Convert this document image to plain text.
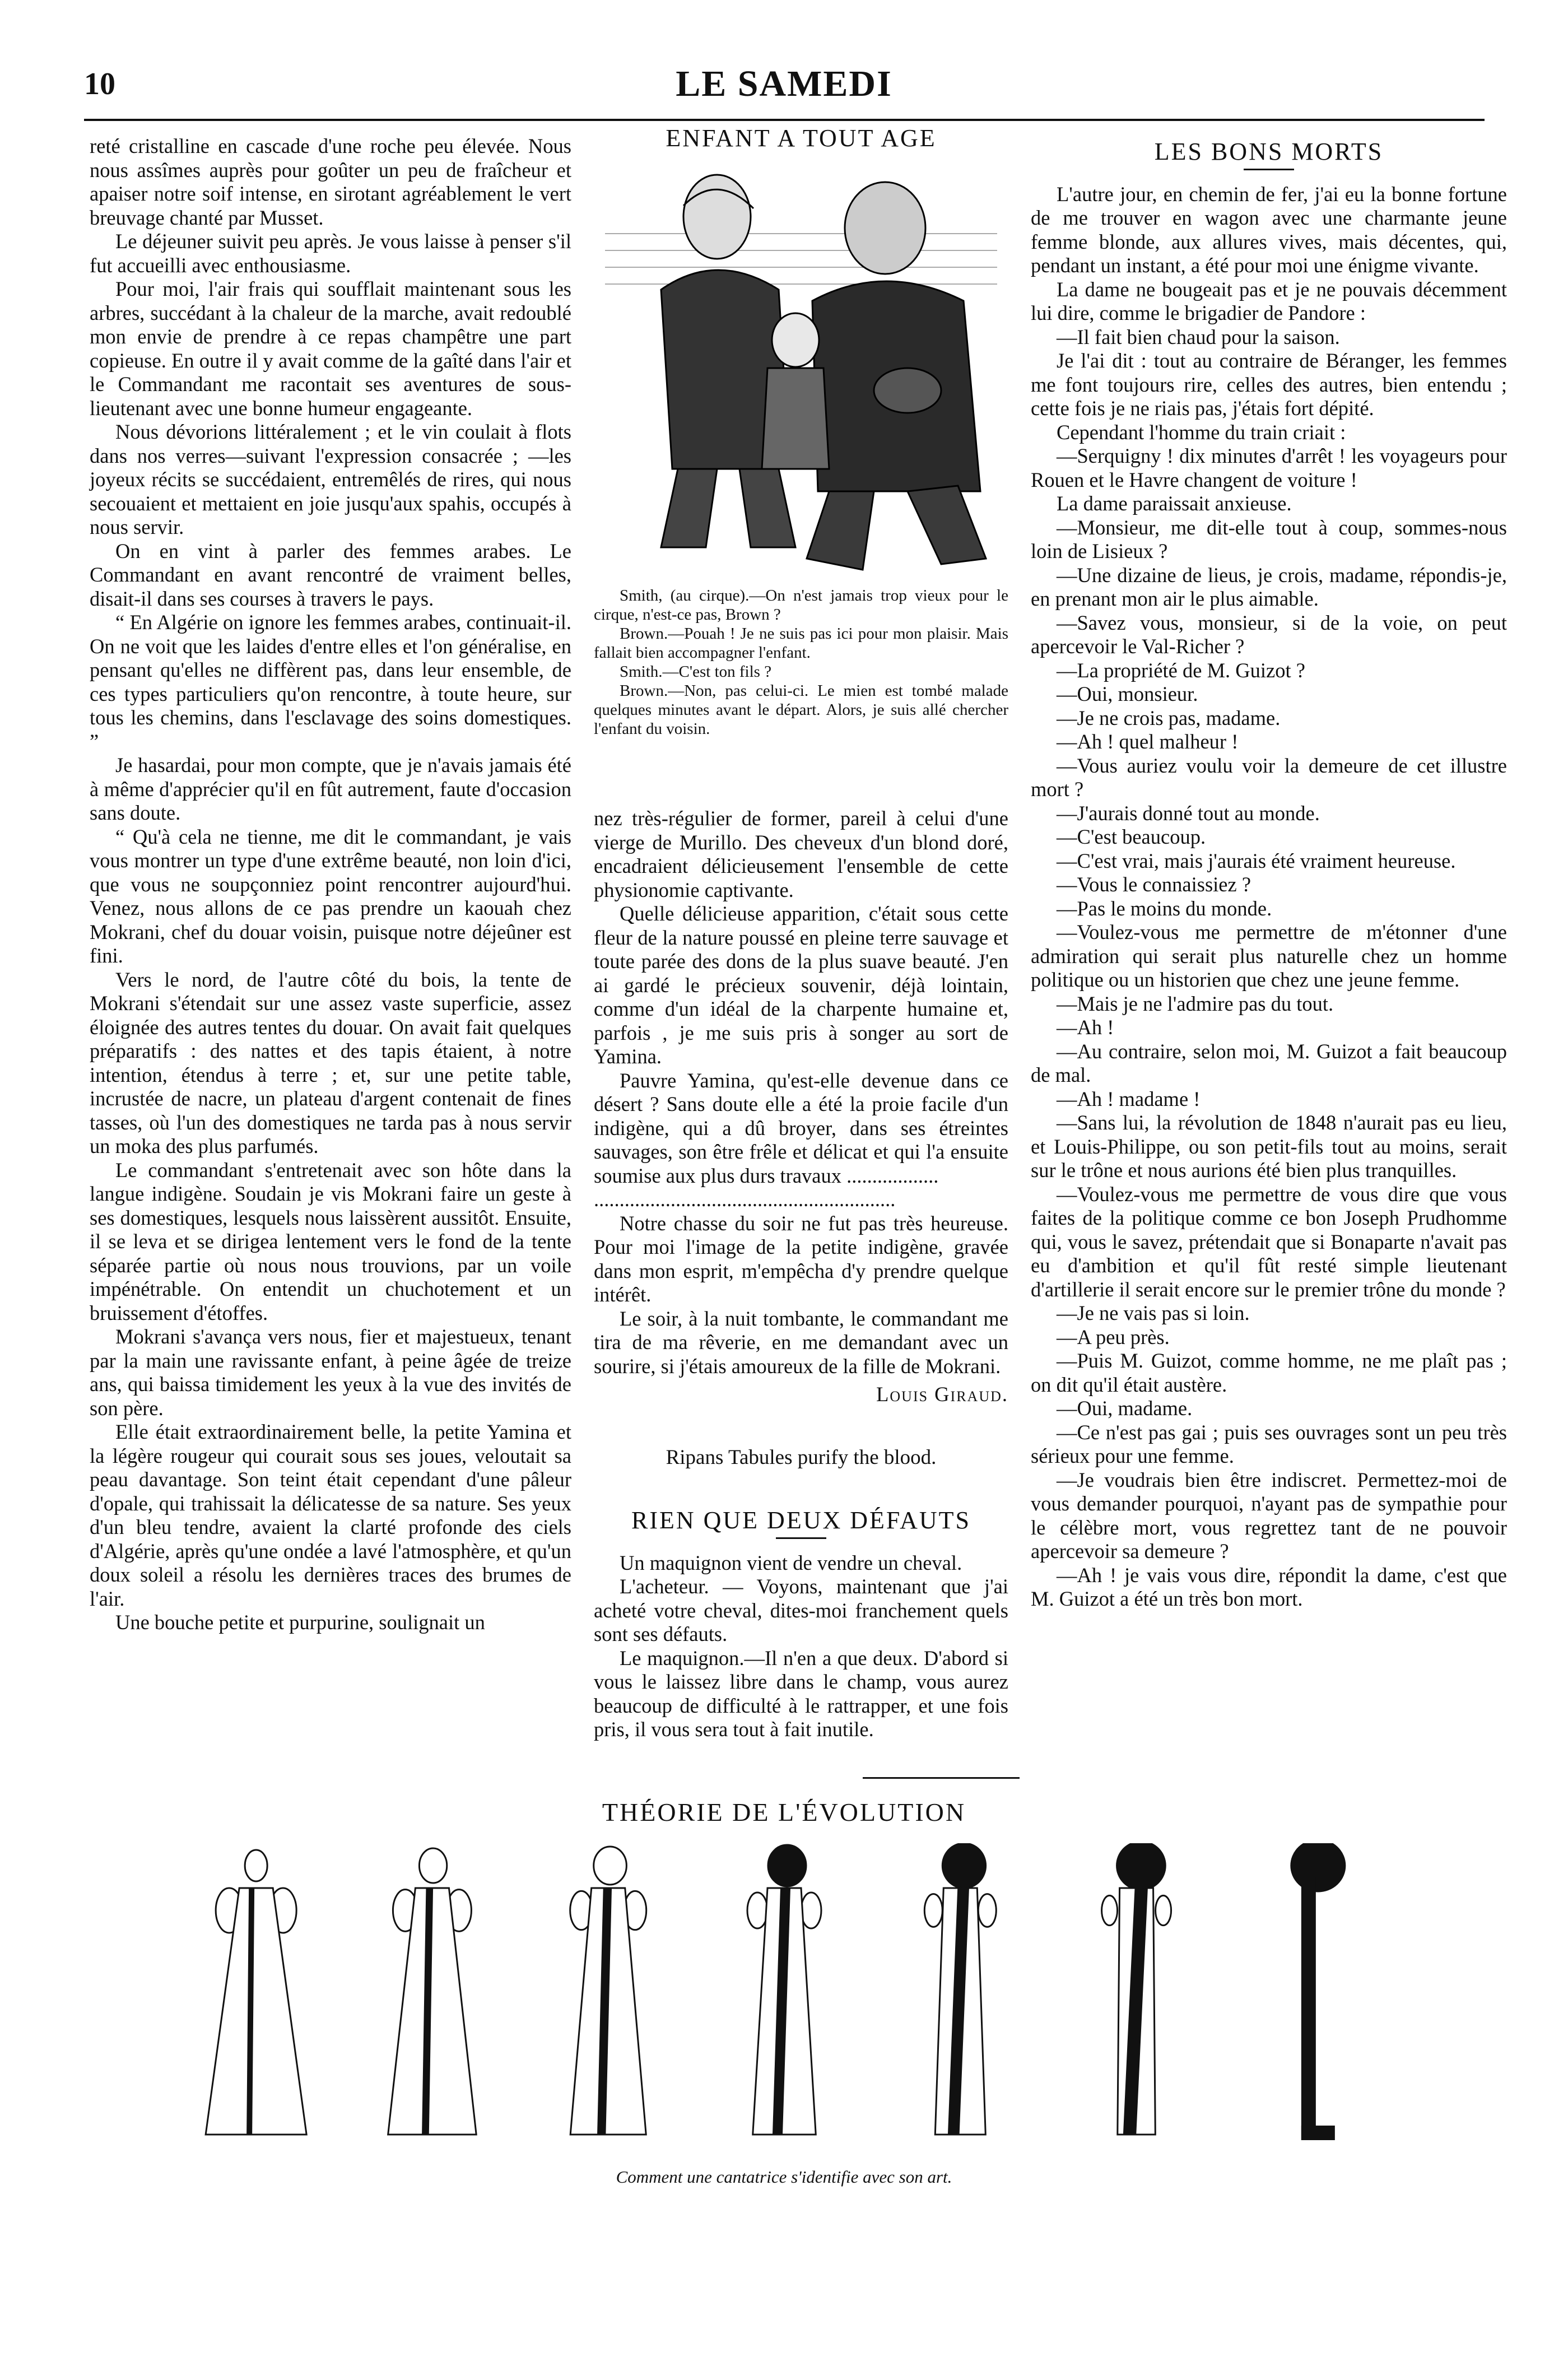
10	LE SAMEDI

reté cristalline en cascade d'une roche peu élevée. Nous nous assîmes auprès pour goûter un peu de fraîcheur et apaiser notre soif intense, en sirotant agréablement le vert breuvage chanté par Musset.

Le déjeuner suivit peu après. Je vous laisse à penser s'il fut accueilli avec enthousiasme.

Pour moi, l'air frais qui soufflait maintenant sous les arbres, succédant à la chaleur de la marche, avait redoublé mon envie de prendre à ce repas champêtre une part copieuse. En outre il y avait comme de la gaîté dans l'air et le Commandant me racontait ses aventures de sous-lieutenant avec une bonne humeur engageante.

Nous dévorions littéralement ; et le vin coulait à flots dans nos verres—suivant l'expression consacrée ; —les joyeux récits se succédaient, entremêlés de rires, qui nous secouaient et mettaient en joie jusqu'aux spahis, occupés à nous servir.

On en vint à parler des femmes arabes. Le Commandant en avant rencontré de vraiment belles, disait-il dans ses courses à travers le pays.

“ En Algérie on ignore les femmes arabes, continuait-il. On ne voit que les laides d'entre elles et l'on généralise, en pensant qu'elles ne diffèrent pas, dans leur ensemble, de ces types particuliers qu'on rencontre, à toute heure, sur tous les chemins, dans l'esclavage des soins domestiques. ”

Je hasardai, pour mon compte, que je n'avais jamais été à même d'apprécier qu'il en fût autrement, faute d'occasion sans doute.

“ Qu'à cela ne tienne, me dit le commandant, je vais vous montrer un type d'une extrême beauté, non loin d'ici, que vous ne soupçonniez point rencontrer aujourd'hui. Venez, nous allons de ce pas prendre un kaouah chez Mokrani, chef du douar voisin, puisque notre déjeûner est fini.

Vers le nord, de l'autre côté du bois, la tente de Mokrani s'étendait sur une assez vaste superficie, assez éloignée des autres tentes du douar. On avait fait quelques préparatifs : des nattes et des tapis étaient, à notre intention, étendus à terre ; et, sur une petite table, incrustée de nacre, un plateau d'argent contenait de fines tasses, où l'un des domestiques ne tarda pas à nous servir un moka des plus parfumés.

Le commandant s'entretenait avec son hôte dans la langue indigène. Soudain je vis Mokrani faire un geste à ses domestiques, lesquels nous laissèrent aussitôt. Ensuite, il se leva et se dirigea lentement vers le fond de la tente séparée partie où nous nous trouvions, par un voile impénétrable. On entendit un chuchotement et un bruissement d'étoffes.

Mokrani s'avança vers nous, fier et majestueux, tenant par la main une ravissante enfant, à peine âgée de treize ans, qui baissa timidement les yeux à la vue des invités de son père.

Elle était extraordinairement belle, la petite Yamina et la légère rougeur qui courait sous ses joues, veloutait sa peau davantage. Son teint était cependant d'une pâleur d'opale, qui trahissait la délicatesse de sa nature. Ses yeux d'un bleu tendre, avaient la clarté profonde des ciels d'Algérie, après qu'une ondée a lavé l'atmosphère, et qu'un doux soleil a résolu les dernières traces des brumes de l'air.

Une bouche petite et purpurine, soulignait un

ENFANT A TOUT AGE

Smith, (au cirque).—On n'est jamais trop vieux pour le cirque, n'est-ce pas, Brown ?

Brown.—Pouah ! Je ne suis pas ici pour mon plaisir. Mais fallait bien accompagner l'enfant.

Smith.—C'est ton fils ?

Brown.—Non, pas celui-ci. Le mien est tombé malade quelques minutes avant le départ. Alors, je suis allé chercher l'enfant du voisin.

nez très-régulier de former, pareil à celui d'une vierge de Murillo. Des cheveux d'un blond doré, encadraient délicieusement l'ensemble de cette physionomie captivante.

Quelle délicieuse apparition, c'était sous cette fleur de la nature poussé en pleine terre sauvage et toute parée des dons de la plus suave beauté. J'en ai gardé le précieux souvenir, déjà lointain, comme d'un idéal de la charpente humaine et, parfois , je me suis pris à songer au sort de Yamina.

Pauvre Yamina, qu'est-elle devenue dans ce désert ? Sans doute elle a été la proie facile d'un indigène, qui a dû broyer, dans ses étreintes sauvages, son être frêle et délicat et qui l'a ensuite soumise aux plus durs travaux ..................

...........................................................

Notre chasse du soir ne fut pas très heureuse. Pour moi l'image de la petite indigène, gravée dans mon esprit, m'empêcha d'y prendre quelque intérêt.

Le soir, à la nuit tombante, le commandant me tira de ma rêverie, en me demandant avec un sourire, si j'étais amoureux de la fille de Mokrani.

Louis Giraud.
Ripans Tabules purify the blood.
RIEN QUE DEUX DÉFAUTS

Un maquignon vient de vendre un cheval.

L'acheteur. — Voyons, maintenant que j'ai acheté votre cheval, dites-moi franchement quels sont ses défauts.

Le maquignon.—Il n'en a que deux. D'abord si vous le laissez libre dans le champ, vous aurez beaucoup de difficulté à le rattrapper, et une fois pris, il vous sera tout à fait inutile.

LES BONS MORTS

L'autre jour, en chemin de fer, j'ai eu la bonne fortune de me trouver en wagon avec une charmante jeune femme blonde, aux allures vives, mais décentes, qui, pendant un instant, a été pour moi une énigme vivante.

La dame ne bougeait pas et je ne pouvais décemment lui dire, comme le brigadier de Pandore :

—Il fait bien chaud pour la saison.

Je l'ai dit : tout au contraire de Béranger, les femmes me font toujours rire, celles des autres, bien entendu ; cette fois je ne riais pas, j'étais fort dépité.

Cependant l'homme du train criait :

—Serquigny ! dix minutes d'arrêt ! les voyageurs pour Rouen et le Havre changent de voiture !

La dame paraissait anxieuse.

—Monsieur, me dit-elle tout à coup, sommes-nous loin de Lisieux ?

—Une dizaine de lieus, je crois, madame, répondis-je, en prenant mon air le plus aimable.

—Savez vous, monsieur, si de la voie, on peut apercevoir le Val-Richer ?

—La propriété de M. Guizot ?

—Oui, monsieur.

—Je ne crois pas, madame.

—Ah ! quel malheur !

—Vous auriez voulu voir la demeure de cet illustre mort ?

—J'aurais donné tout au monde.

—C'est beaucoup.

—C'est vrai, mais j'aurais été vraiment heureuse.

—Vous le connaissiez ?

—Pas le moins du monde.

—Voulez-vous me permettre de m'étonner d'une admiration qui serait plus naturelle chez un homme politique ou un historien que chez une jeune femme.

—Mais je ne l'admire pas du tout.

—Ah !

—Au contraire, selon moi, M. Guizot a fait beaucoup de mal.

—Ah ! madame !

—Sans lui, la révolution de 1848 n'aurait pas eu lieu, et Louis-Philippe, ou son petit-fils tout au moins, serait sur le trône et nous aurions été bien plus tranquilles.

—Voulez-vous me permettre de vous dire que vous faites de la politique comme ce bon Joseph Prudhomme qui, vous le savez, prétendait que si Bonaparte n'avait pas eu d'ambition et qu'il fût resté simple lieutenant d'artillerie il serait encore sur le premier trône du monde ?

—Je ne vais pas si loin.

—A peu près.

—Puis M. Guizot, comme homme, ne me plaît pas ; on dit qu'il était austère.

—Oui, madame.

—Ce n'est pas gai ; puis ses ouvrages sont un peu très sérieux pour une femme.

—Je voudrais bien être indiscret. Permettez-moi de vous demander pourquoi, n'ayant pas de sympathie pour le célèbre mort, vous regrettez tant de ne pouvoir apercevoir sa demeure ?

—Ah ! je vais vous dire, répondit la dame, c'est que M. Guizot a été un très bon mort.

THÉORIE DE L'ÉVOLUTION
Comment une cantatrice s'identifie avec son art.
